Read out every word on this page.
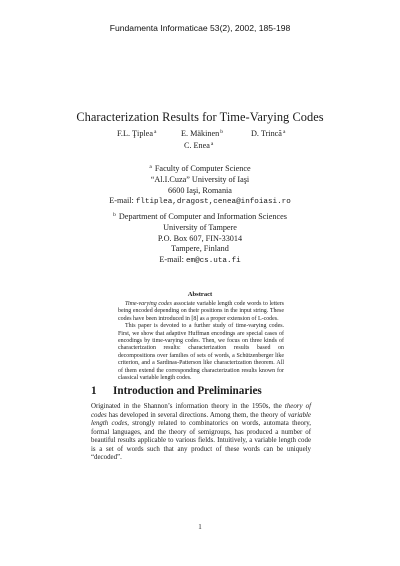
Fundamenta Informaticae 53(2), 2002, 185-198
Characterization Results for Time-Varying Codes
F.L. Ţiplea$^a$	E. Mäkinen$^b$	D. Trincă$^a$
C. Enea$^a$
$^a$ Faculty of Computer Science
“Al.I.Cuza” University of Iaşi
6600 Iaşi, Romania
E-mail: fltiplea,dragost,cenea@infoiasi.ro
$^b$ Department of Computer and Information Sciences
University of Tampere
P.O. Box 607, FIN-33014
Tampere, Finland
E-mail: em@cs.uta.fi
Abstract

Time-varying codes associate variable length code words to letters being encoded depending on their positions in the input string. These codes have been introduced in [8] as a proper extension of L-codes.

This paper is devoted to a further study of time-varying codes. First, we show that adaptive Huffman encodings are special cases of encodings by time-varying codes. Then, we focus on three kinds of characterization results: characterization results based on decompositions over families of sets of words, a Schützenberger like criterion, and a Sardinas-Patterson like characterization theorem. All of them extend the corresponding characterization results known for classical variable length codes.

1 Introduction and Preliminaries

Originated in the Shannon’s information theory in the 1950s, the theory of codes has developed in several directions. Among them, the theory of variable length codes, strongly related to combinatorics on words, automata theory, formal languages, and the theory of semigroups, has produced a number of beautiful results applicable to various fields. Intuitively, a variable length code is a set of words such that any product of these words can be uniquely “decoded”.

1
